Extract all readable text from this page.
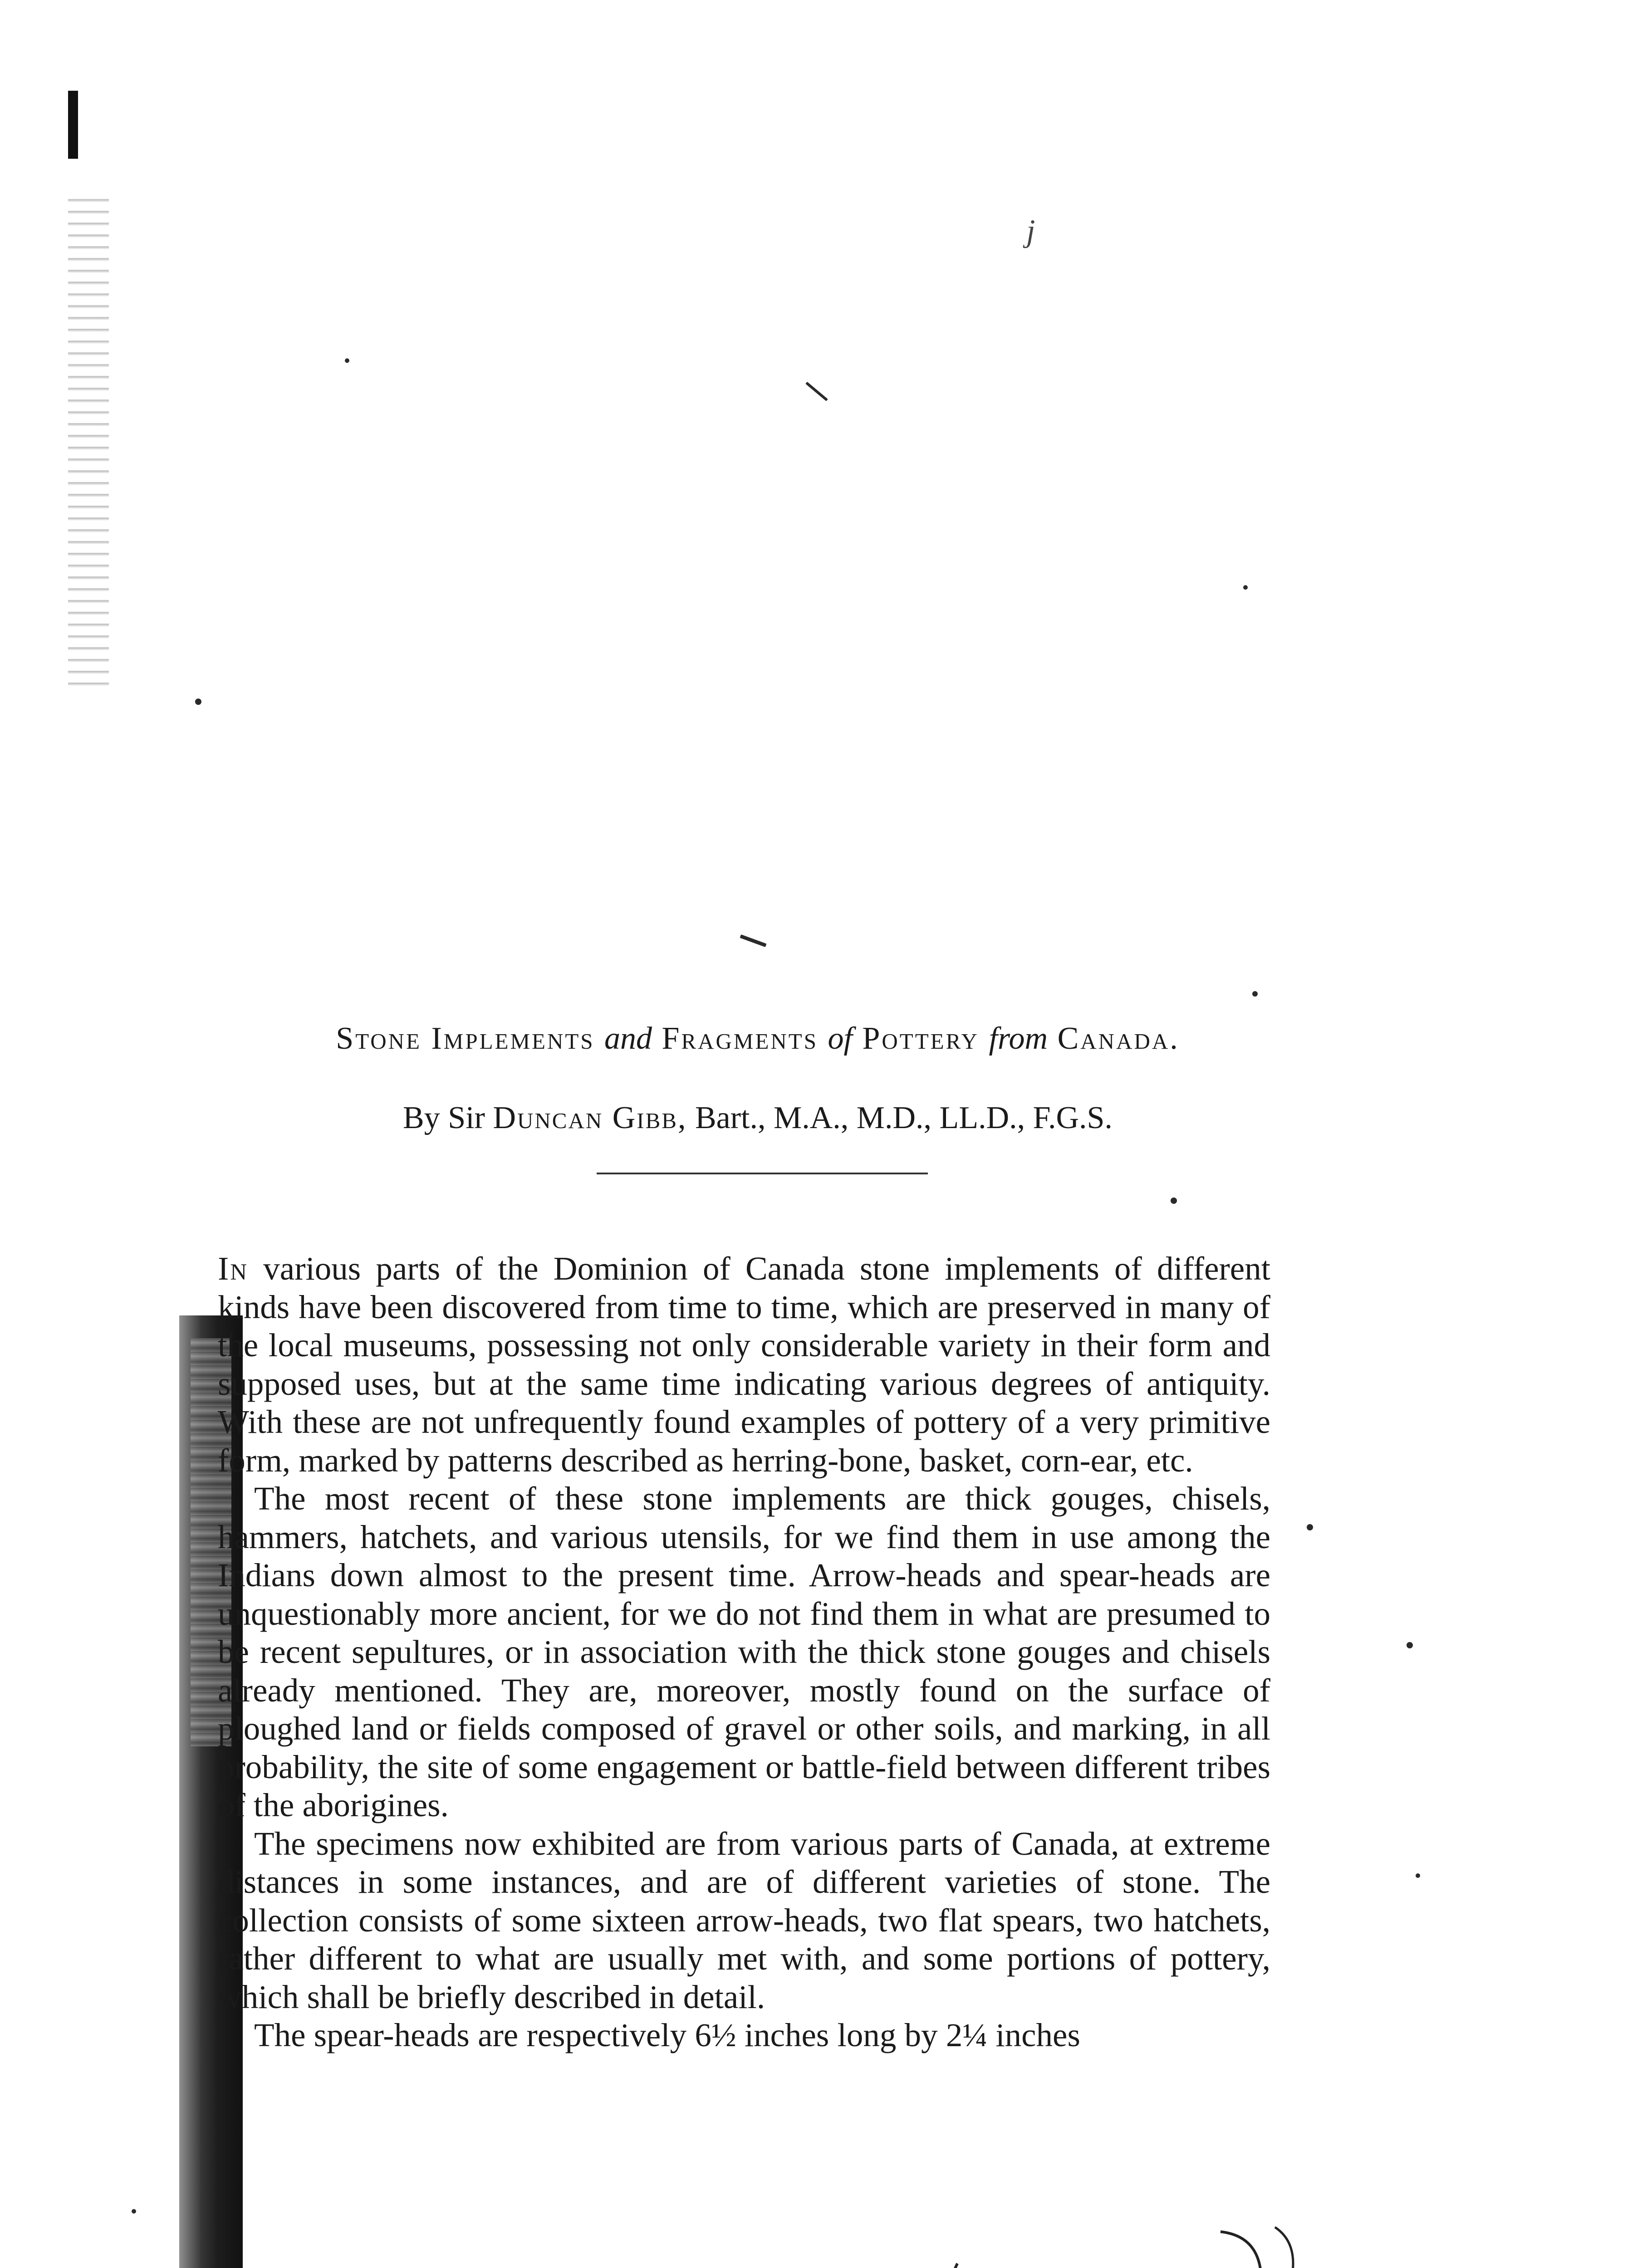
j
Stone Implements and Fragments of Pottery from Canada.
By Sir Duncan Gibb, Bart., M.A., M.D., LL.D., F.G.S.

In various parts of the Dominion of Canada stone implements of different kinds have been discovered from time to time, which are preserved in many of the local museums, possessing not only considerable variety in their form and supposed uses, but at the same time indicating various degrees of antiquity. With these are not unfrequently found examples of pottery of a very primitive form, marked by patterns described as herring-bone, basket, corn-ear, etc.

The most recent of these stone implements are thick gouges, chisels, hammers, hatchets, and various utensils, for we find them in use among the Indians down almost to the present time. Arrow-heads and spear-heads are unquestionably more ancient, for we do not find them in what are presumed to be recent sepultures, or in association with the thick stone gouges and chisels already mentioned. They are, moreover, mostly found on the surface of ploughed land or fields composed of gravel or other soils, and marking, in all probability, the site of some engagement or battle-field between different tribes of the aborigines.

The specimens now exhibited are from various parts of Canada, at extreme distances in some instances, and are of different varieties of stone. The collection consists of some sixteen arrow-heads, two flat spears, two hatchets, rather different to what are usually met with, and some portions of pottery, which shall be briefly described in detail.

The spear-heads are respectively 6½ inches long by 2¼ inches
